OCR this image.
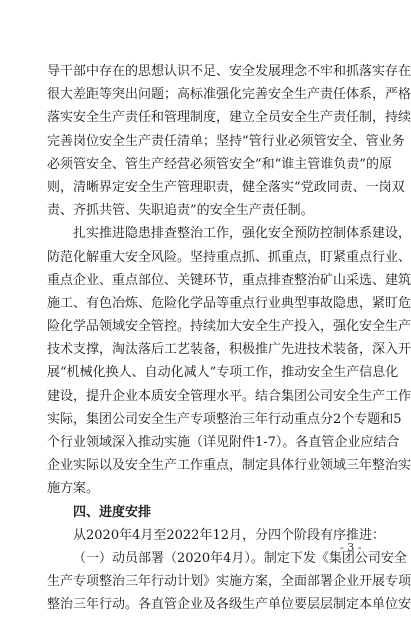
导干部中存在的思想认识不足、安全发展理念不牢和抓落实存在
很大差距等突出问题；高标准强化完善安全生产责任体系，严格
落实安全生产责任和管理制度，建立全员安全生产责任制，持续
完善岗位安全生产责任清单；坚持“管行业必须管安全、管业务
必须管安全、管生产经营必须管安全”和“谁主管谁负责”的原
则，清晰界定安全生产管理职责，健全落实“党政同责、一岗双
责、齐抓共管、失职追责”的安全生产责任制。
扎实推进隐患排查整治工作，强化安全预防控制体系建设，
防范化解重大安全风险。坚持重点抓、抓重点，盯紧重点行业、
重点企业、重点部位、关键环节，重点排查整治矿山采选、建筑
施工、有色冶炼、危险化学品等重点行业典型事故隐患，紧盯危
险化学品领域安全管控。持续加大安全生产投入，强化安全生产
技术支撑，淘汰落后工艺装备，积极推广先进技术装备，深入开
展“机械化换人、自动化减人”专项工作，推动安全生产信息化
建设，提升企业本质安全管理水平。结合集团公司安全生产工作
实际，集团公司安全生产专项整治三年行动重点分2个专题和5
个行业领域深入推动实施（详见附件1-7）。各直管企业应结合
企业实际以及安全生产工作重点，制定具体行业领域三年整治实
施方案。
四、进度安排
从2020年4月至2022年12月，分四个阶段有序推进：
（一）动员部署（2020年4月）。制定下发《集团公司安全
生产专项整治三年行动计划》实施方案，全面部署企业开展专项
整治三年行动。各直管企业及各级生产单位要层层制定本单位安
- 3 -
